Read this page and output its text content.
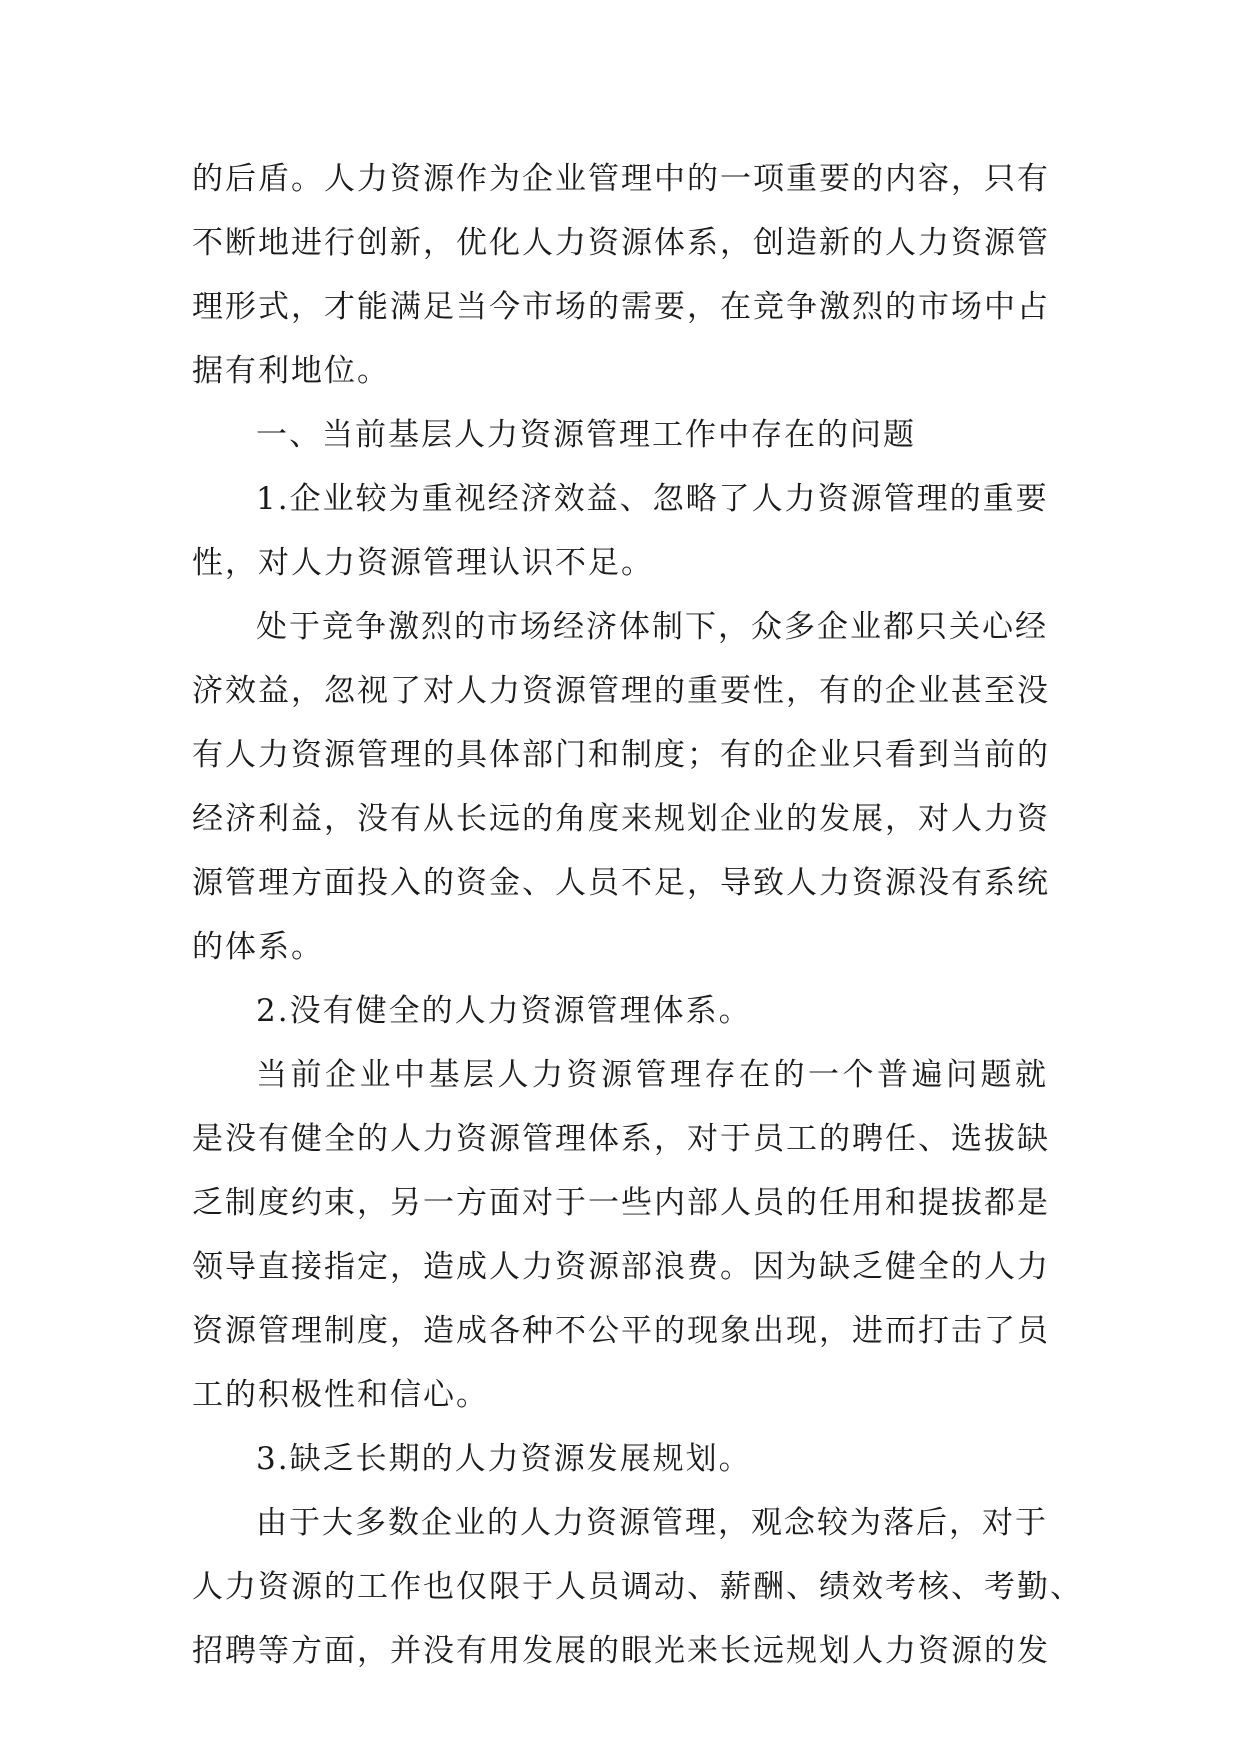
的后盾。人力资源作为企业管理中的一项重要的内容，只有
不断地进行创新，优化人力资源体系，创造新的人力资源管
理形式，才能满足当今市场的需要，在竞争激烈的市场中占
据有利地位。
一、当前基层人力资源管理工作中存在的问题
1.企业较为重视经济效益、忽略了人力资源管理的重要
性，对人力资源管理认识不足。
处于竞争激烈的市场经济体制下，众多企业都只关心经
济效益，忽视了对人力资源管理的重要性，有的企业甚至没
有人力资源管理的具体部门和制度；有的企业只看到当前的
经济利益，没有从长远的角度来规划企业的发展，对人力资
源管理方面投入的资金、人员不足，导致人力资源没有系统
的体系。
2.没有健全的人力资源管理体系。
当前企业中基层人力资源管理存在的一个普遍问题就
是没有健全的人力资源管理体系，对于员工的聘任、选拔缺
乏制度约束，另一方面对于一些内部人员的任用和提拔都是
领导直接指定，造成人力资源部浪费。因为缺乏健全的人力
资源管理制度，造成各种不公平的现象出现，进而打击了员
工的积极性和信心。
3.缺乏长期的人力资源发展规划。
由于大多数企业的人力资源管理，观念较为落后，对于
人力资源的工作也仅限于人员调动、薪酬、绩效考核、考勤、
招聘等方面，并没有用发展的眼光来长远规划人力资源的发
